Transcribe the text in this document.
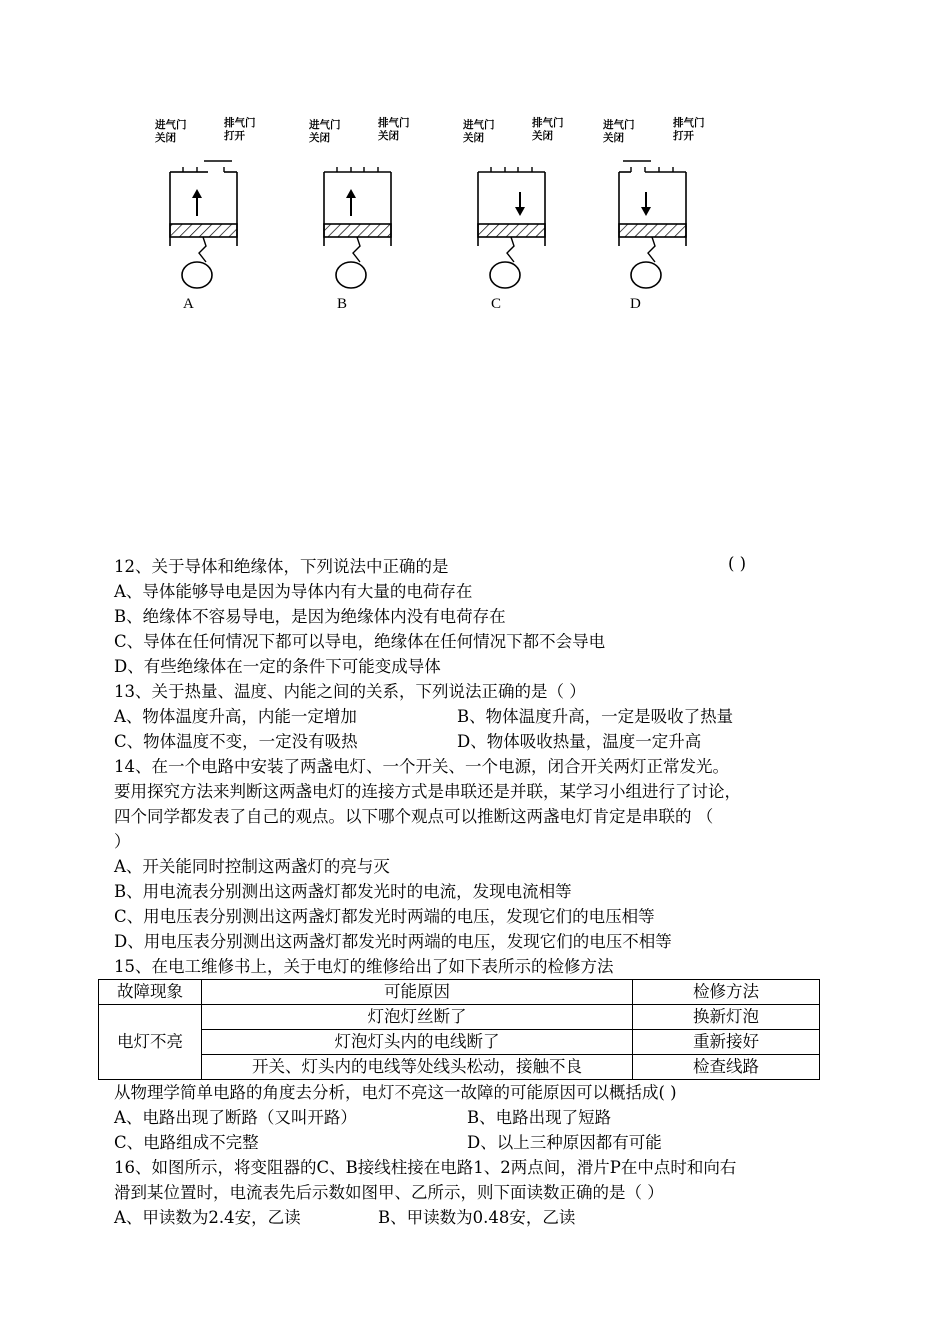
进气门
关闭
排气门
打开
进气门
关闭
排气门
关闭
进气门
关闭
排气门
关闭
进气门
关闭
排气门
打开
A	B	C	D
12、关于导体和绝缘体，下列说法中正确的是	( )
A、导体能够导电是因为导体内有大量的电荷存在
B、绝缘体不容易导电，是因为绝缘体内没有电荷存在
C、导体在任何情况下都可以导电，绝缘体在任何情况下都不会导电
D、有些绝缘体在一定的条件下可能变成导体
13、关于热量、温度、内能之间的关系，下列说法正确的是（ ）
A、物体温度升高，内能一定增加	B、物体温度升高，一定是吸收了热量
C、物体温度不变，一定没有吸热	D、物体吸收热量，温度一定升高
14、在一个电路中安装了两盏电灯、一个开关、一个电源，闭合开关两灯正常发光。
要用探究方法来判断这两盏电灯的连接方式是串联还是并联，某学习小组进行了讨论，
四个同学都发表了自己的观点。以下哪个观点可以推断这两盏电灯肯定是串联的 （
）
A、开关能同时控制这两盏灯的亮与灭
B、用电流表分别测出这两盏灯都发光时的电流，发现电流相等
C、用电压表分别测出这两盏灯都发光时两端的电压，发现它们的电压相等
D、用电压表分别测出这两盏灯都发光时两端的电压，发现它们的电压不相等
15、在电工维修书上，关于电灯的维修给出了如下表所示的检修方法
故障现象	可能原因	检修方法
电灯不亮	灯泡灯丝断了	换新灯泡
	灯泡灯头内的电线断了	重新接好
	开关、灯头内的电线等处线头松动，接触不良	检查线路
从物理学简单电路的角度去分析，电灯不亮这一故障的可能原因可以概括成( )
A、电路出现了断路（又叫开路）	B、电路出现了短路
C、电路组成不完整	D、以上三种原因都有可能
16、如图所示，将变阻器的C、B接线柱接在电路1、2两点间，滑片P在中点时和向右
滑到某位置时，电流表先后示数如图甲、乙所示，则下面读数正确的是（ ）
A、甲读数为2.4安，乙读	B、甲读数为0.48安，乙读
